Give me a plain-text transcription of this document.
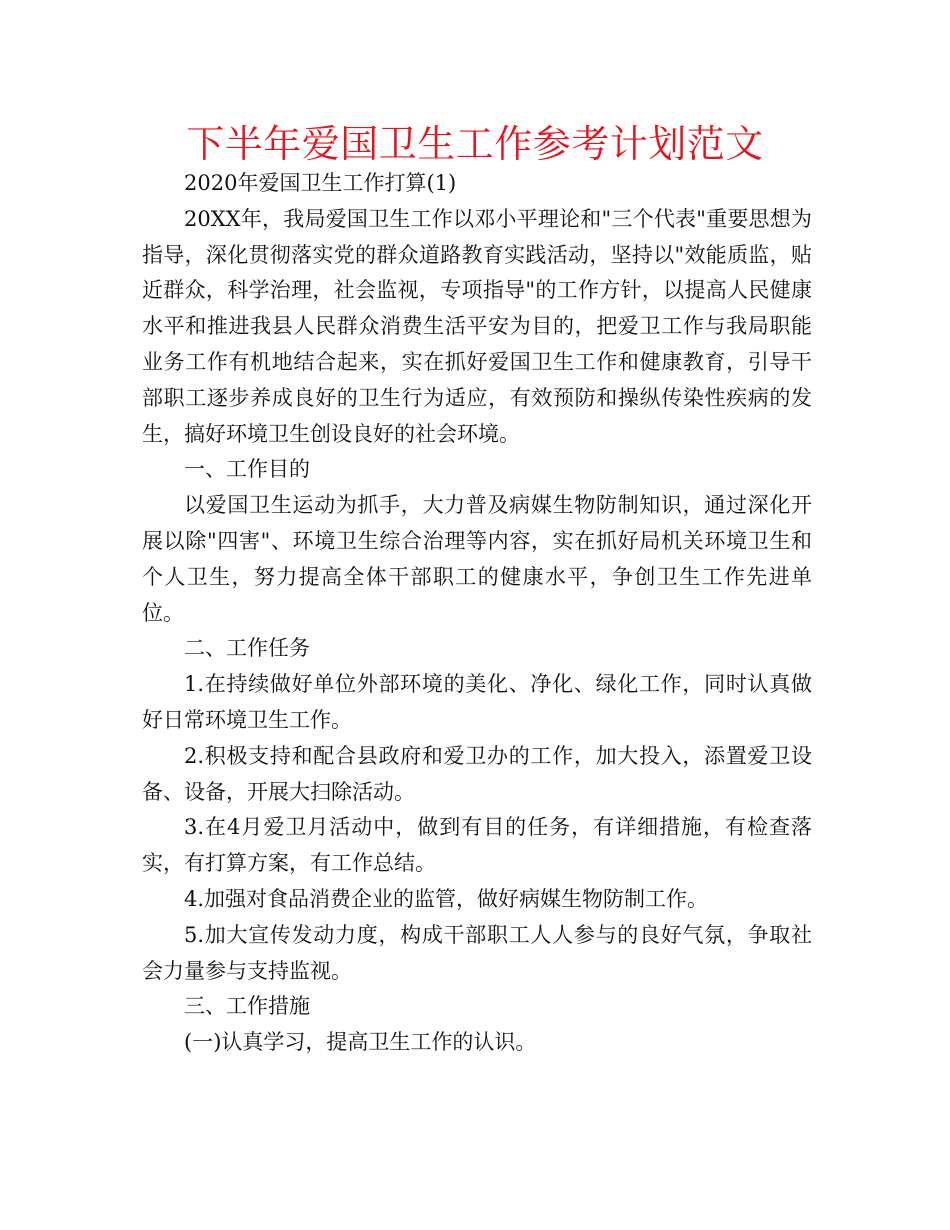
下半年爱国卫生工作参考计划范文

2020年爱国卫生工作打算(1)

20XX年，我局爱国卫生工作以邓小平理论和"三个代表"重要思想为指导，深化贯彻落实党的群众道路教育实践活动，坚持以"效能质监，贴近群众，科学治理，社会监视，专项指导"的工作方针，以提高人民健康水平和推进我县人民群众消费生活平安为目的，把爱卫工作与我局职能业务工作有机地结合起来，实在抓好爱国卫生工作和健康教育，引导干部职工逐步养成良好的卫生行为适应，有效预防和操纵传染性疾病的发生，搞好环境卫生创设良好的社会环境。

一、工作目的

以爱国卫生运动为抓手，大力普及病媒生物防制知识，通过深化开展以除"四害"、环境卫生综合治理等内容，实在抓好局机关环境卫生和个人卫生，努力提高全体干部职工的健康水平，争创卫生工作先进单位。

二、工作任务

1.在持续做好单位外部环境的美化、净化、绿化工作，同时认真做好日常环境卫生工作。

2.积极支持和配合县政府和爱卫办的工作，加大投入，添置爱卫设备、设备，开展大扫除活动。

3.在4月爱卫月活动中，做到有目的任务，有详细措施，有检查落实，有打算方案，有工作总结。

4.加强对食品消费企业的监管，做好病媒生物防制工作。

5.加大宣传发动力度，构成干部职工人人参与的良好气氛，争取社会力量参与支持监视。

三、工作措施

(一)认真学习，提高卫生工作的认识。
